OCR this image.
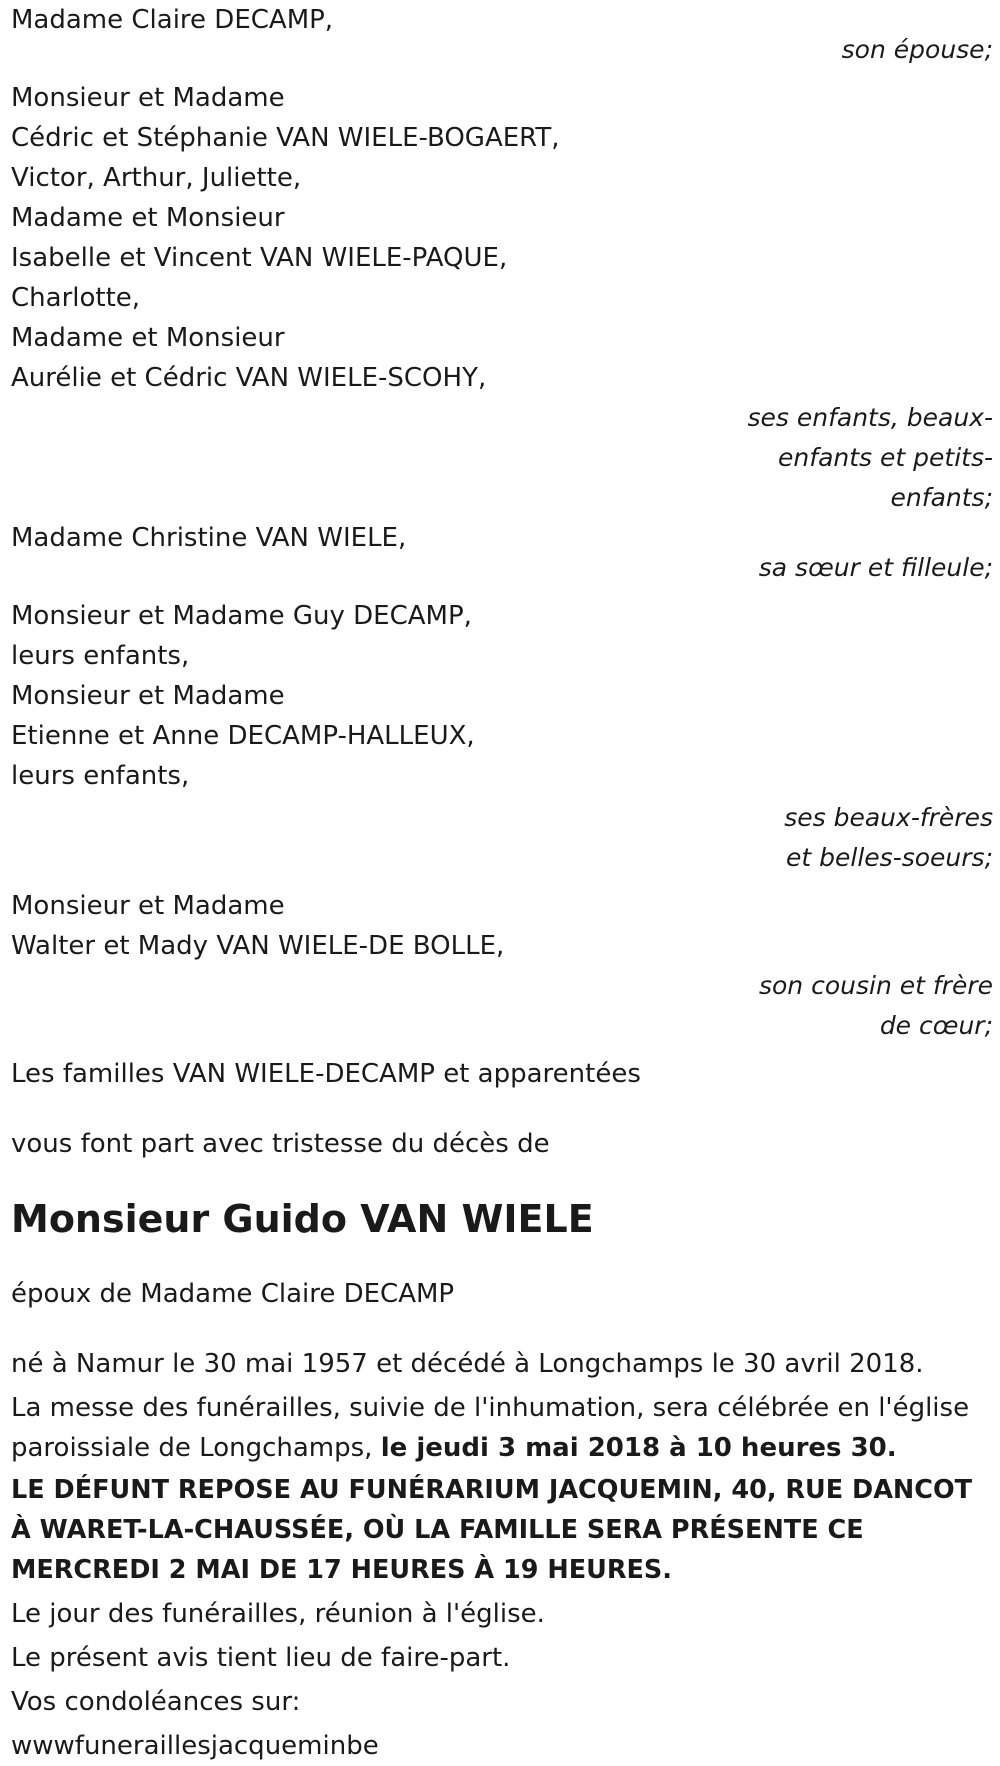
Madame Claire DECAMP,
son épouse;
Monsieur et Madame
Cédric et Stéphanie VAN WIELE-BOGAERT,
Victor, Arthur, Juliette,
Madame et Monsieur
Isabelle et Vincent VAN WIELE-PAQUE,
Charlotte,
Madame et Monsieur
Aurélie et Cédric VAN WIELE-SCOHY,
ses enfants, beaux-enfants et petits-enfants;
Madame Christine VAN WIELE,
sa sœur et filleule;
Monsieur et Madame Guy DECAMP,
leurs enfants,
Monsieur et Madame
Etienne et Anne DECAMP-HALLEUX,
leurs enfants,
ses beaux-frères et belles-soeurs;
Monsieur et Madame
Walter et Mady VAN WIELE-DE BOLLE,
son cousin et frère de cœur;
Les familles VAN WIELE-DECAMP et apparentées
vous font part avec tristesse du décès de
Monsieur Guido VAN WIELE
époux de Madame Claire DECAMP
né à Namur le 30 mai 1957 et décédé à Longchamps le 30 avril 2018.
La messe des funérailles, suivie de l'inhumation, sera célébrée en l'église paroissiale de Longchamps, le jeudi 3 mai 2018 à 10 heures 30.
LE DÉFUNT REPOSE AU FUNÉRARIUM JACQUEMIN, 40, RUE DANCOT À WARET-LA-CHAUSSÉE, OÙ LA FAMILLE SERA PRÉSENTE CE MERCREDI 2 MAI DE 17 HEURES À 19 HEURES.
Le jour des funérailles, réunion à l'église.
Le présent avis tient lieu de faire-part.
Vos condoléances sur:
wwwfuneraillesjacqueminbe
